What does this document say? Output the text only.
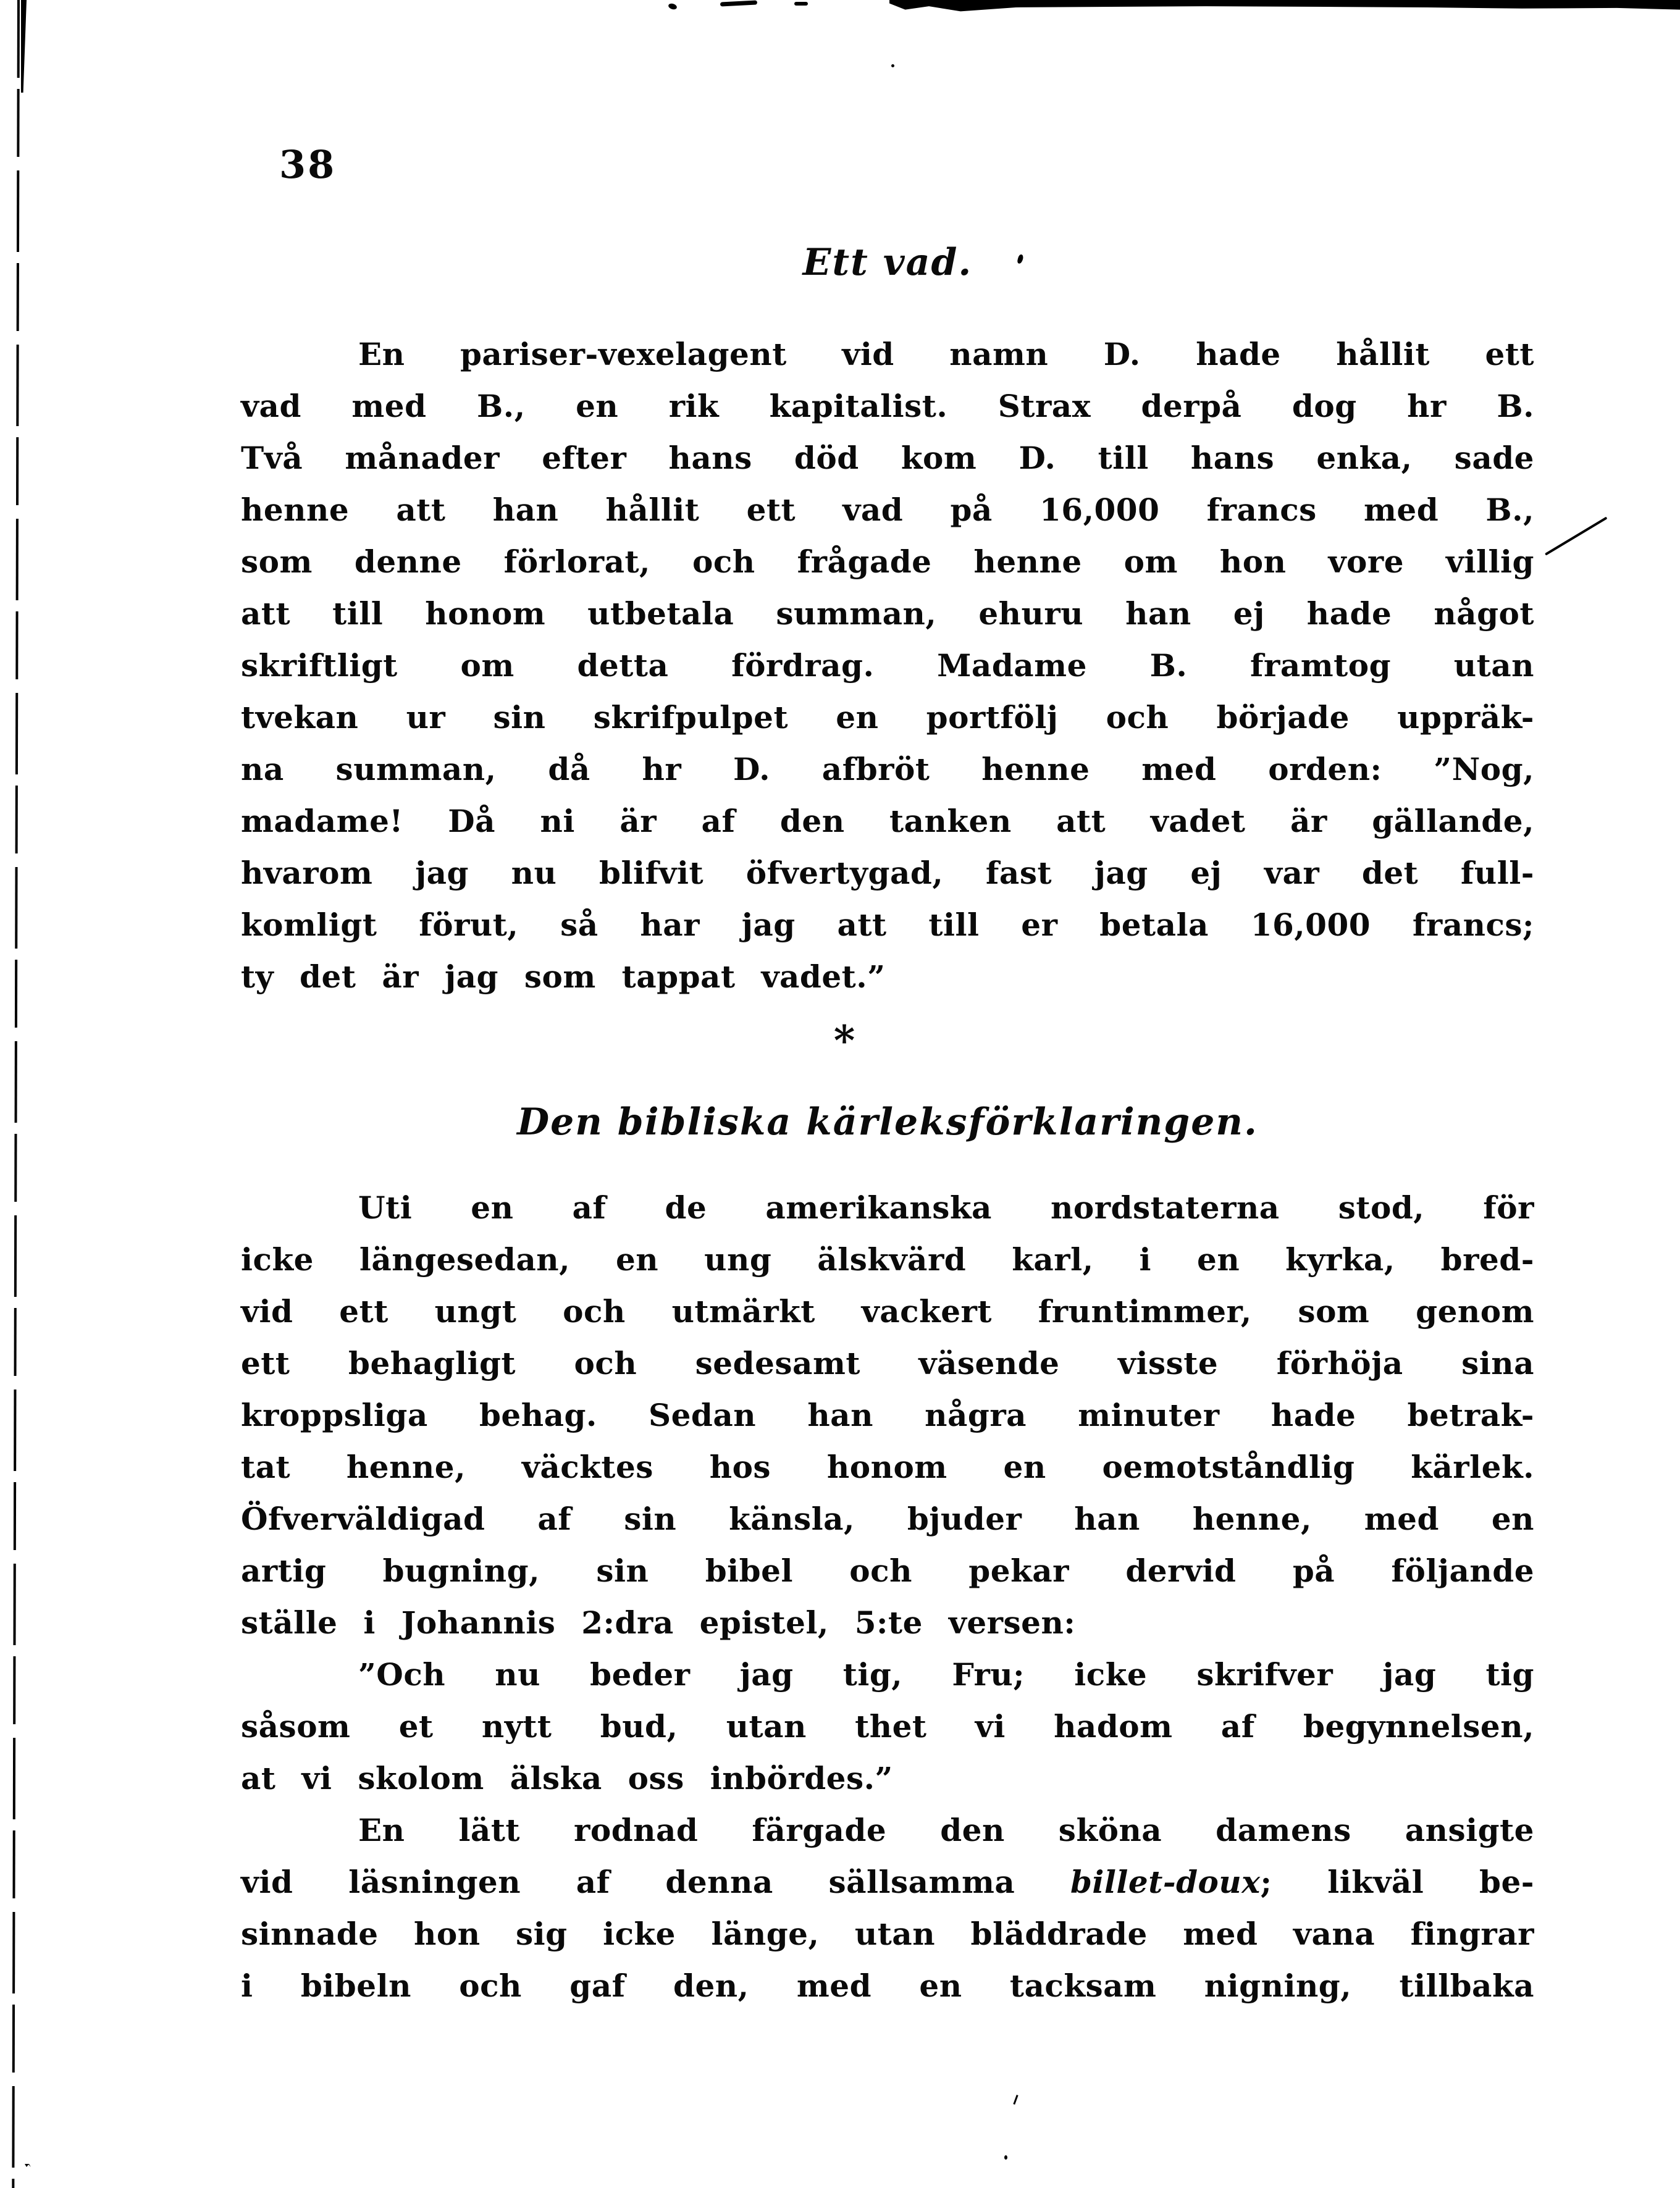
38
Ett vad.
En pariser-vexelagent vid namn D. hade hållit ett
vad med B., en rik kapitalist. Strax derpå dog hr B.
Två månader efter hans död kom D. till hans enka, sade
henne att han hållit ett vad på 16,000 francs med B.,
som denne förlorat, och frågade henne om hon vore villig
att till honom utbetala summan, ehuru han ej hade något
skriftligt om detta fördrag. Madame B. framtog utan
tvekan ur sin skrifpulpet en portfölj och började uppräk-
na summan, då hr D. afbröt henne med orden: ”Nog,
madame! Då ni är af den tanken att vadet är gällande,
hvarom jag nu blifvit öfvertygad, fast jag ej var det full-
komligt förut, så har jag att till er betala 16,000 francs;
ty det är jag som tappat vadet.”
*
Den bibliska kärleksförklaringen.
Uti en af de amerikanska nordstaterna stod, för
icke längesedan, en ung älskvärd karl, i en kyrka, bred-
vid ett ungt och utmärkt vackert fruntimmer, som genom
ett behagligt och sedesamt väsende visste förhöja sina
kroppsliga behag. Sedan han några minuter hade betrak-
tat henne, väcktes hos honom en oemotståndlig kärlek.
Öfverväldigad af sin känsla, bjuder han henne, med en
artig bugning, sin bibel och pekar dervid på följande
ställe i Johannis 2:dra epistel, 5:te versen:
”Och nu beder jag tig, Fru; icke skrifver jag tig
såsom et nytt bud, utan thet vi hadom af begynnelsen,
at vi skolom älska oss inbördes.”
En lätt rodnad färgade den sköna damens ansigte
vid läsningen af denna sällsamma billet-doux; likväl be-
sinnade hon sig icke länge, utan bläddrade med vana fingrar
i bibeln och gaf den, med en tacksam nigning, tillbaka
